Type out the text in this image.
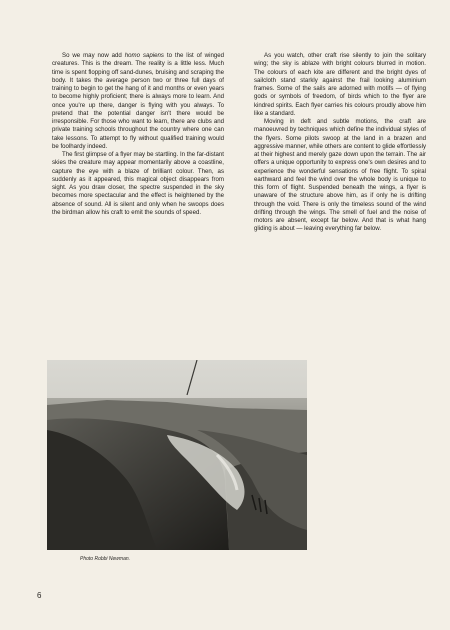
So we may now add homo sapiens to the list of winged creatures. This is the dream. The reality is a little less. Much time is spent flopping off sand-dunes, bruising and scraping the body. It takes the average person two or three full days of training to begin to get the hang of it and months or even years to become highly proficient; there is always more to learn. And once you're up there, danger is flying with you always. To pretend that the potential danger isn't there would be irresponsible. For those who want to learn, there are clubs and private training schools throughout the country where one can take lessons. To attempt to fly without qualified training would be foolhardy indeed.

The first glimpse of a flyer may be startling. In the far-distant skies the creature may appear momentarily above a coastline, capture the eye with a blaze of brilliant colour. Then, as suddenly as it appeared, this magical object disappears from sight. As you draw closer, the spectre suspended in the sky becomes more spectacular and the effect is heightened by the absence of sound. All is silent and only when he swoops does the birdman allow his craft to emit the sounds of speed.

As you watch, other craft rise silently to join the solitary wing; the sky is ablaze with bright colours blurred in motion. The colours of each kite are different and the bright dyes of sailcloth stand starkly against the frail looking aluminium frames. Some of the sails are adorned with motifs — of flying gods or symbols of freedom, of birds which to the flyer are kindred spirits. Each flyer carries his colours proudly above him like a standard.

Moving in deft and subtle motions, the craft are manoeuvred by techniques which define the individual styles of the flyers. Some pilots swoop at the land in a brazen and aggressive manner, while others are content to glide effortlessly at their highest and merely gaze down upon the terrain. The air offers a unique opportunity to express one's own desires and to experience the wonderful sensations of free flight. To spiral earthward and feel the wind over the whole body is unique to this form of flight. Suspended beneath the wings, a flyer is unaware of the structure above him, as if only he is drifting through the void. There is only the timeless sound of the wind drifting through the wings. The smell of fuel and the noise of motors are absent, except far below. And that is what hang gliding is about — leaving everything far below.

Photo Robbi Newman.
6
